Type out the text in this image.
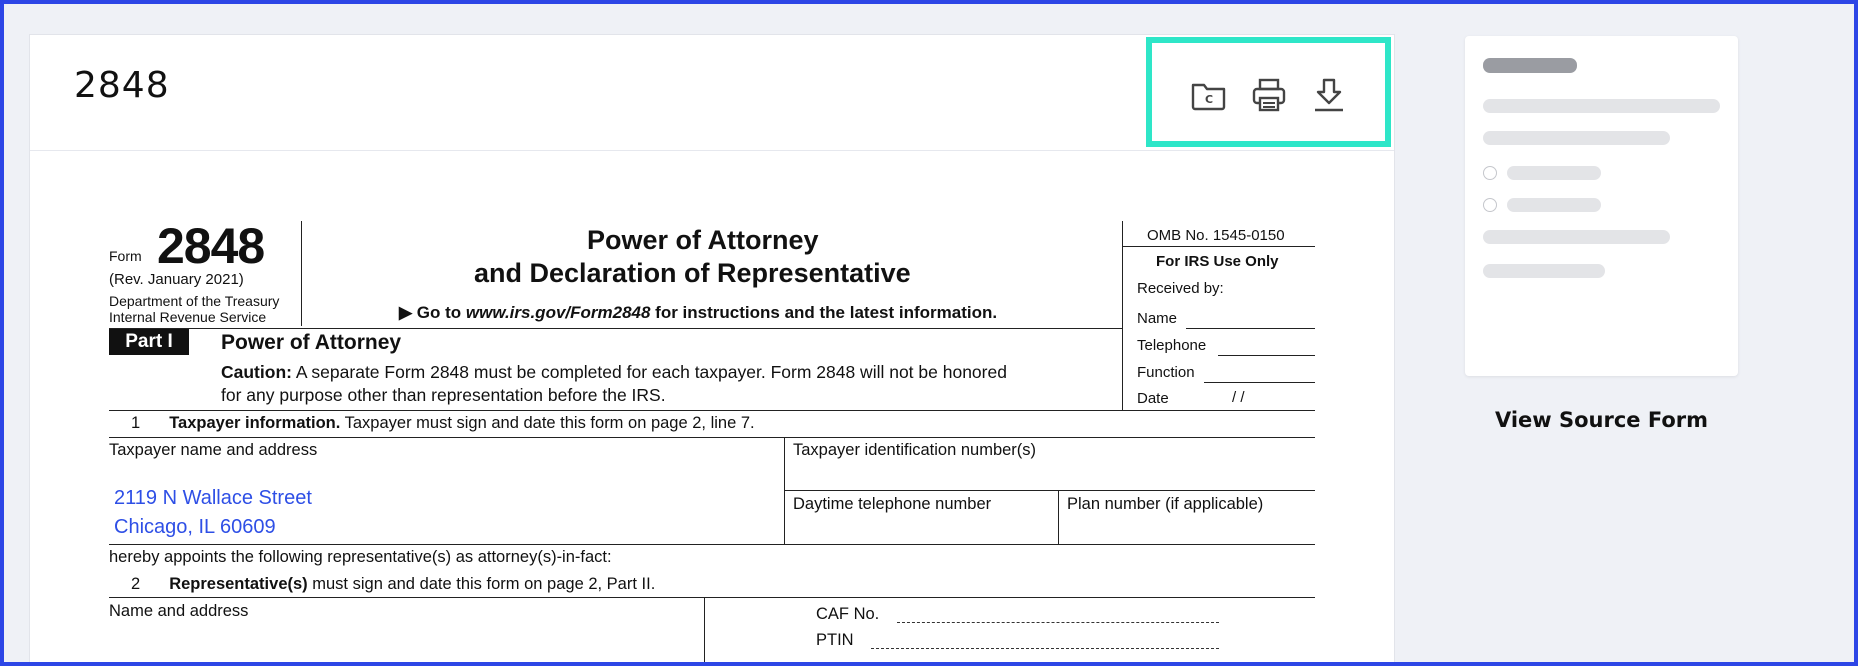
2848	C
Form 2848
(Rev. January 2021)
Department of the Treasury
Internal Revenue Service
Power of Attorney
and Declaration of Representative
▶ Go to www.irs.gov/Form2848 for instructions and the latest information.
OMB No. 1545-0150
For IRS Use Only
Received by:
Name
Telephone
Function
Date	/ /
Part I	Power of Attorney
Caution: A separate Form 2848 must be completed for each taxpayer. Form 2848 will not be honored
for any purpose other than representation before the IRS.
1 Taxpayer information. Taxpayer must sign and date this form on page 2, line 7.
Taxpayer name and address	Taxpayer identification number(s)
2119 N Wallace Street
Chicago, IL 60609
Daytime telephone number	Plan number (if applicable)
hereby appoints the following representative(s) as attorney(s)-in-fact:
2 Representative(s) must sign and date this form on page 2, Part II.
Name and address	CAF No.
PTIN
View Source Form
